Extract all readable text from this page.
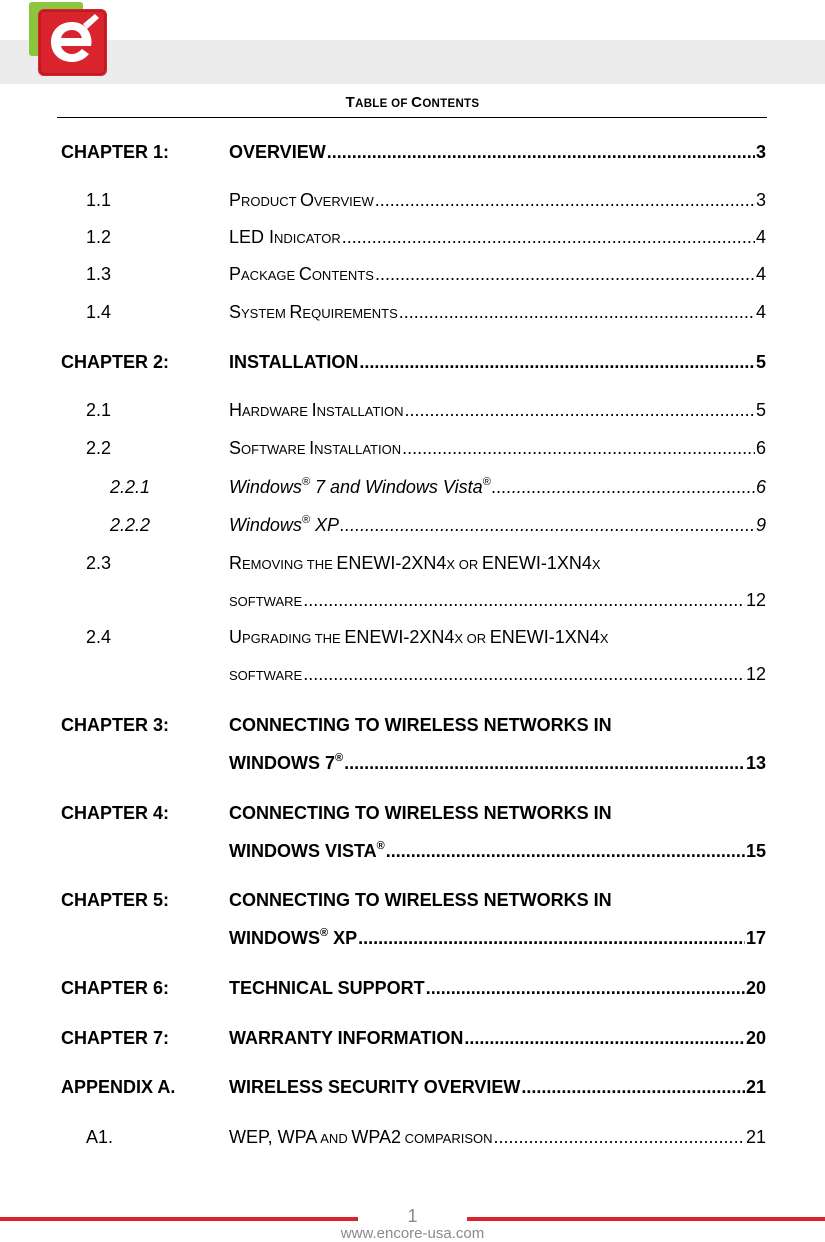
TABLE OF CONTENTS
CHAPTER 1:	OVERVIEW .....	3
1.1	PRODUCT OVERVIEW .....	3
1.2	LED INDICATOR .....	4
1.3	PACKAGE CONTENTS .....	4
1.4	SYSTEM REQUIREMENTS .....	4
CHAPTER 2:	INSTALLATION .....	5
2.1	HARDWARE INSTALLATION .....	5
2.2	SOFTWARE INSTALLATION .....	6
2.2.1	Windows® 7 and Windows Vista® .....	6
2.2.2	Windows® XP .....	9
2.3	REMOVING THE ENEWI-2XN4X OR ENEWI-1XN4X
SOFTWARE .....	12
2.4	UPGRADING THE ENEWI-2XN4X OR ENEWI-1XN4X
SOFTWARE .....	12
CHAPTER 3:	CONNECTING TO WIRELESS NETWORKS IN
WINDOWS 7® .....	13
CHAPTER 4:	CONNECTING TO WIRELESS NETWORKS IN
WINDOWS VISTA® .....	15
CHAPTER 5:	CONNECTING TO WIRELESS NETWORKS IN
WINDOWS® XP .....	17
CHAPTER 6:	TECHNICAL SUPPORT .....	20
CHAPTER 7:	WARRANTY INFORMATION .....	20
APPENDIX A.	WIRELESS SECURITY OVERVIEW .....	21
A1.	WEP, WPA AND WPA2 COMPARISON .....	21
1
www.encore-usa.com
